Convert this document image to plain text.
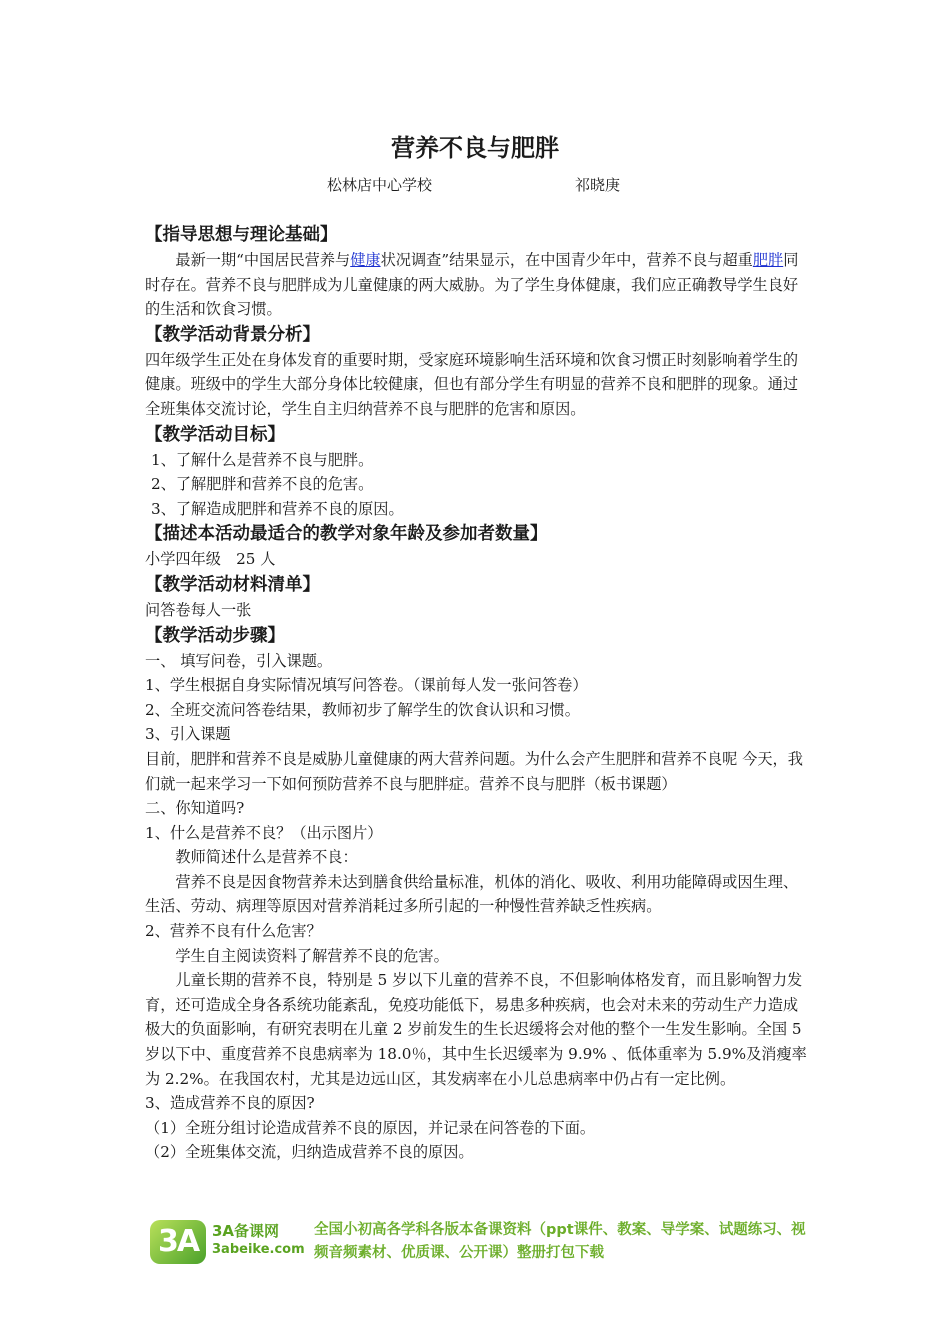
营养不良与肥胖
松林店中心学校	祁晓庚

【指导思想与理论基础】

最新一期“中国居民营养与健康状况调查”结果显示，在中国青少年中，营养不良与超重肥胖同时存在。营养不良与肥胖成为儿童健康的两大威胁。为了学生身体健康，我们应正确教导学生良好的生活和饮食习惯。

【教学活动背景分析】

四年级学生正处在身体发育的重要时期，受家庭环境影响生活环境和饮食习惯正时刻影响着学生的健康。班级中的学生大部分身体比较健康，但也有部分学生有明显的营养不良和肥胖的现象。通过全班集体交流讨论，学生自主归纳营养不良与肥胖的危害和原因。

【教学活动目标】

1、了解什么是营养不良与肥胖。

2、了解肥胖和营养不良的危害。

3、了解造成肥胖和营养不良的原因。

【描述本活动最适合的教学对象年龄及参加者数量】

小学四年级　25 人

【教学活动材料清单】

问答卷每人一张

【教学活动步骤】

一、 填写问卷，引入课题。

1、学生根据自身实际情况填写问答卷。（课前每人发一张问答卷）

2、全班交流问答卷结果，教师初步了解学生的饮食认识和习惯。

3、引入课题

目前，肥胖和营养不良是威胁儿童健康的两大营养问题。为什么会产生肥胖和营养不良呢 今天，我们就一起来学习一下如何预防营养不良与肥胖症。营养不良与肥胖（板书课题）

二、你知道吗?

1、什么是营养不良？（出示图片）

教师简述什么是营养不良：

营养不良是因食物营养未达到膳食供给量标准，机体的消化、吸收、利用功能障碍或因生理、生活、劳动、病理等原因对营养消耗过多所引起的一种慢性营养缺乏性疾病。

2、营养不良有什么危害？

学生自主阅读资料了解营养不良的危害。

儿童长期的营养不良，特别是 5 岁以下儿童的营养不良，不但影响体格发育，而且影响智力发育，还可造成全身各系统功能紊乱，免疫功能低下，易患多种疾病，也会对未来的劳动生产力造成极大的负面影响，有研究表明在儿童 2 岁前发生的生长迟缓将会对他的整个一生发生影响。全国 5 岁以下中、重度营养不良患病率为 18.0％，其中生长迟缓率为 9.9% 、低体重率为 5.9%及消瘦率为 2.2%。在我国农村，尤其是边远山区，其发病率在小儿总患病率中仍占有一定比例。

3、造成营养不良的原因?

（1）全班分组讨论造成营养不良的原因，并记录在问答卷的下面。

（2）全班集体交流，归纳造成营养不良的原因。

3A 3A备课网
3abeike.com
全国小初高各学科各版本备课资料（ppt课件、教案、导学案、试题练习、视频音频素材、优质课、公开课）整册打包下载
